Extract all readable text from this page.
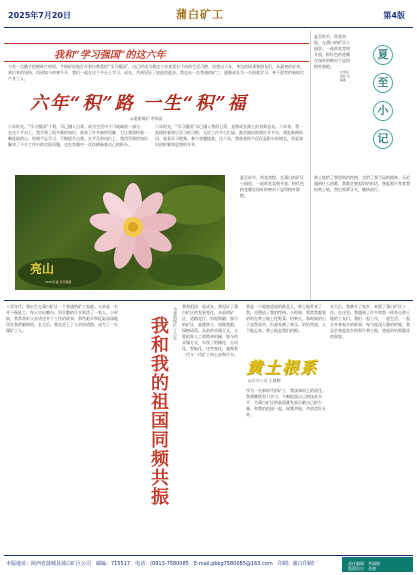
2025年7月20日	蒲白矿工	第4版
我和“学习强国”的这六年
与有一点随手把握碎片时间，手指轻轻地打开那台熟悉的“学习强国”，这已经成为我这六年来雷打不动的生活习惯。回想这六年，身边的同事和朋友们，从最初的好奇，到后来的坚持，再到如今的离不开，我们一起在这个平台上学习、成长，共同见证了彼此的进步。我也从一名普通的矿工，逐渐成长为一名热爱学习、善于思考的新时代产业工人。
六年“积”路 一生“积”福
◎建新煤矿 李保富
六年时光，“学习强国”于我，早已融入日常，成为生活中不可或缺的一部分。在这个平台上，我学到了很多新的知识，收获了许多新的见解。它让我保持着一颗进取的心，时刻不忘学习，不断提升自我。在平凡的岗位上，我用学到的知识解决了不少工作中的实际问题，也在答题中一次次刷新着自己的积分。
六年时光，“学习强国”早已融入我的日常，是我成长路上的良师益友。六年来，我一直保持着每日学习的习惯，无论工作多么忙碌，都会抽出时间打开平台，浏览新闻资讯、观看学习视频、参与答题挑战。这六年，我收获的不仅仅是积分的增长，更是知识的积累和思想的升华。
亮山
2025年夏 荷花摄影
夏至时节，荷花初绽，在蒲白的矿区公园里，一池荷花竞相开放，粉红色的花瓣在绿叶的映衬下显得格外娇艳。
夏
至
小
记
◎朱家窑矿 张海燕
夏至时节，荷花初绽，在蒲白的矿区公园里，一池荷花竞相开放，粉红色的花瓣在绿叶的映衬下显得格外娇艳。
黄土地给了我坚韧的性格，也给了我不屈的精神。无论遇到什么困难，我都会想起奶奶的话，想起那片养育我的黄土地，然后咬紧牙关，继续前行。
八零年代，我出生在蒲白矿区一个普通的矿工家庭。父亲是一名井下掘进工，每天早出晚归，用辛勤的汗水养活了一家人。小时候，我常常听父亲讲述井下工作的故事，那些艰辛和危险深深地印在我的脑海里。长大后，我也走上了父亲的道路，成为了一名煤矿工人。	我和我的祖国同频共振 ◎建新煤矿 王小军 我和祖国一起成长，我见证了蒲白矿区的发展变化。从前的矿区，道路泥泞，房屋简陋；如今的矿区，高楼林立，道路宽敞，绿树成荫。从前的采煤方式，主要依靠人工和简单机械；如今的采煤方式，实现了机械化、自动化、智能化。这些变化，凝聚着一代又一代矿工的心血和汗水。
我是一个地地道道的陕北人，黄土地养育了我，也塑造了我的性格。小时候，我常常跟着奶奶在黄土坡上挖野菜、拾柴火，那时候的日子虽然清苦，但却充满了欢乐。奶奶常说，人不能忘本，黄土地是我们的根。
长大后，我离开了家乡，来到了蒲白矿区工作。在这里，我遇到了许多和我一样来自黄土地的工友们。我们一起工作，一起生活，一起分享着家乡的故事。每当夜深人静的时候，我总会想起家乡的那片黄土地，想起奶奶那慈祥的面容。
黄土根系
◎白水公司 王晓梅
作为一名新时代的矿工，我深知肩上的责任。我将继续努力学习，不断提高自己的技术水平，为蒲白矿区的高质量发展贡献自己的力量，和我的祖国一起，同频共振，共创美好未来。
本版地址：陕西省蒲城县蒲白矿区公司　邮编：715517　电话：(0913-7580085　E-mail:pbkg7580085@163.com　印刷：蒲白印刷厂	责任编辑：李丽娟
版面设计：张晓
